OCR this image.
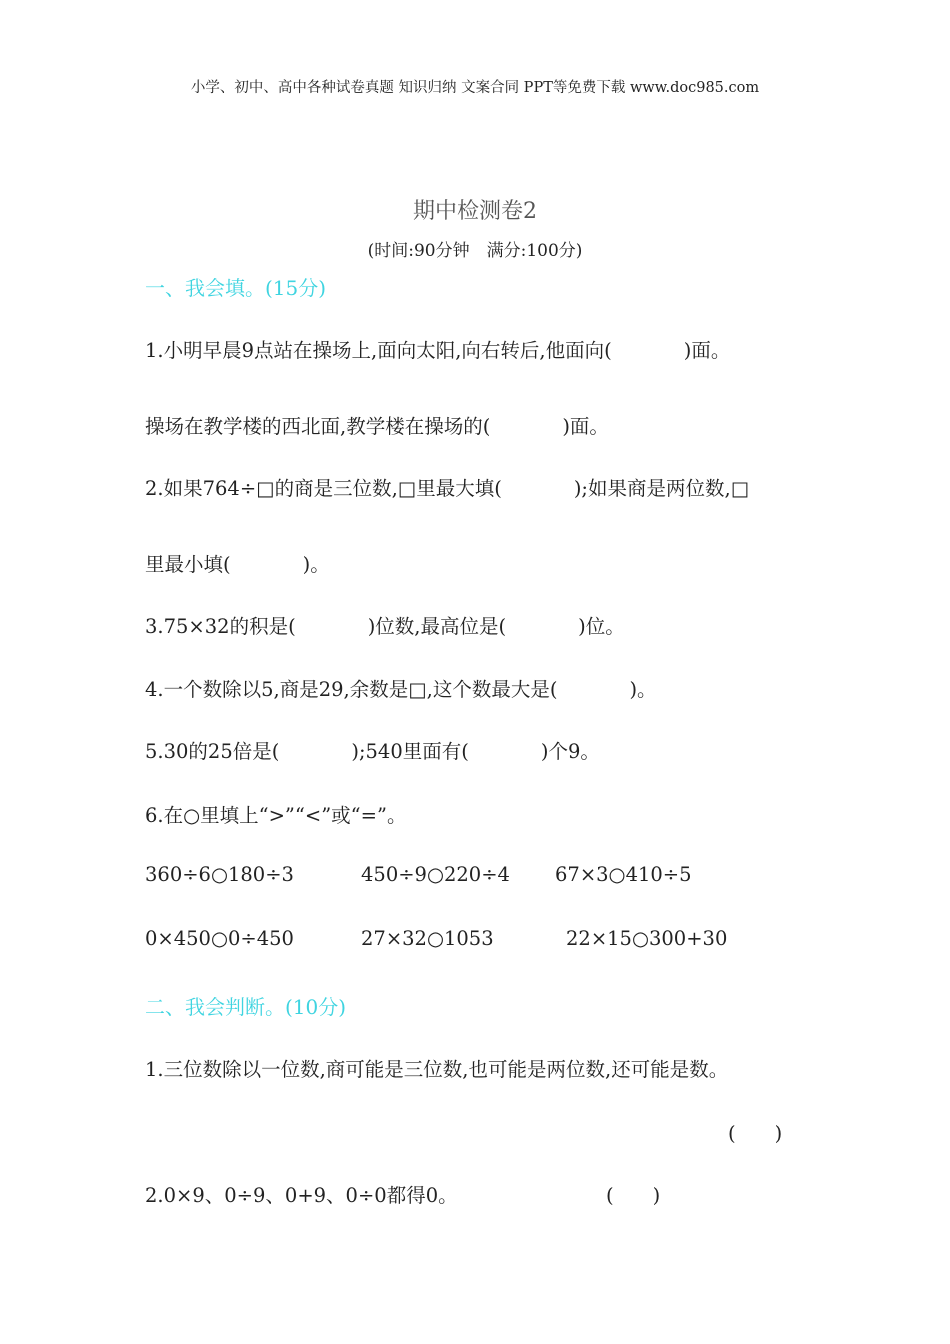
小学、初中、高中各种试卷真题 知识归纳 文案合同 PPT等免费下载 www.doc985.com
期中检测卷2
(时间:90分钟　满分:100分)
一、我会填。(15分)
1.小明早晨9点站在操场上,面向太阳,向右转后,他面向(	)面。
操场在教学楼的西北面,教学楼在操场的(	)面。
2.如果764÷□的商是三位数,□里最大填(	);如果商是两位数,□
里最小填(	)。
3.75×32的积是(	)位数,最高位是(	)位。
4.一个数除以5,商是29,余数是□,这个数最大是(	)。
5.30的25倍是(	);540里面有(	)个9。
6.在○里填上“>”“<”或“=”。
360÷6○180÷3	450÷9○220÷4 67×3○410÷5
0×450○0÷450	27×32○1053	22×15○300+30
二、我会判断。(10分)
1.三位数除以一位数,商可能是三位数,也可能是两位数,还可能是数。
(　　)
2.0×9、0÷9、0+9、0÷0都得0。	(　　)
